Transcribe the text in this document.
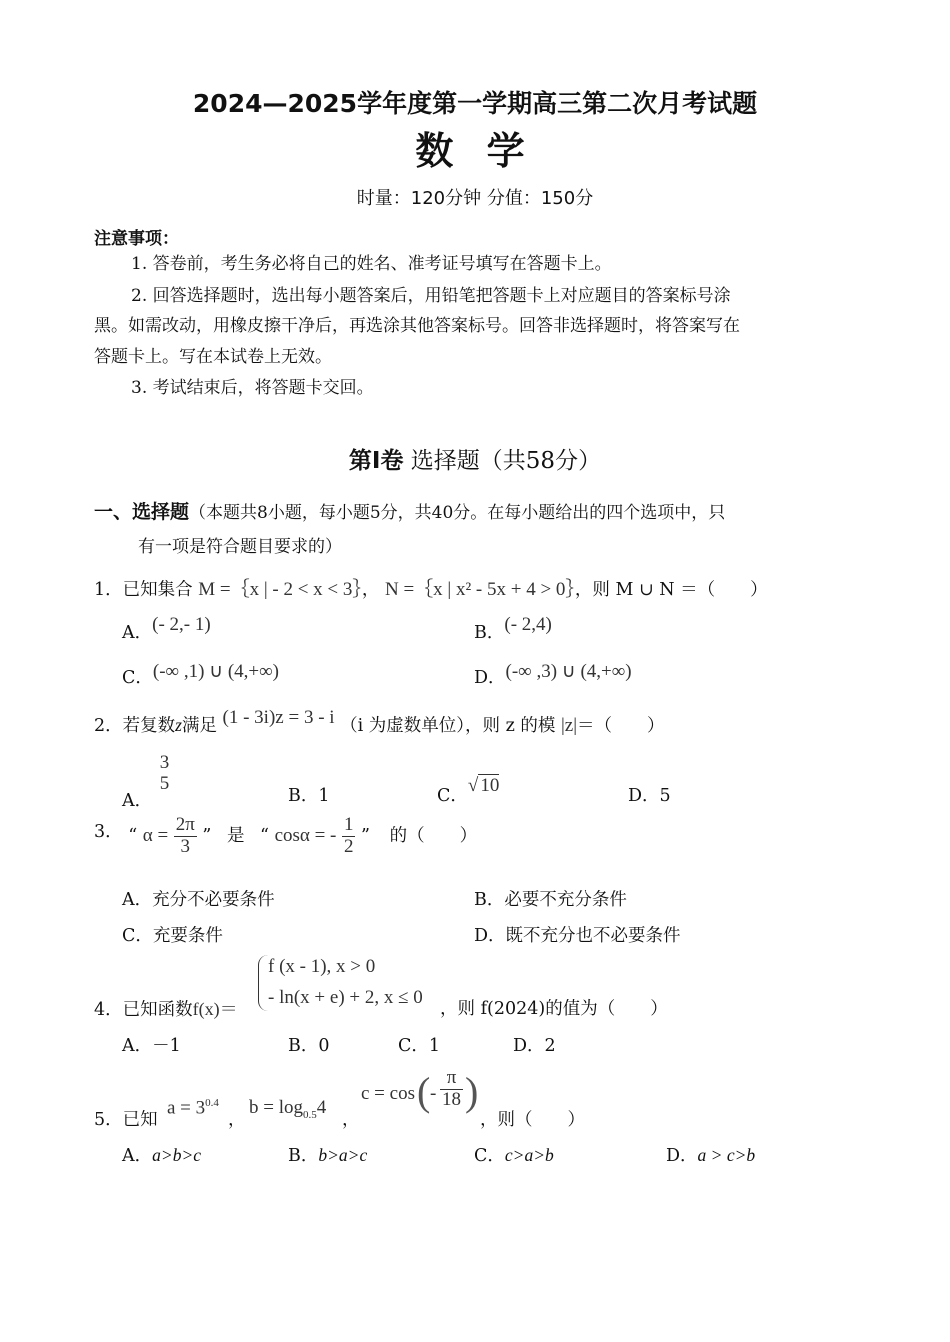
2024—2025学年度第一学期高三第二次月考试题
数 学
时量：120分钟 分值：150分
注意事项：
1. 答卷前，考生务必将自己的姓名、准考证号填写在答题卡上。
2. 回答选择题时，选出每小题答案后，用铅笔把答题卡上对应题目的答案标号涂
黑。如需改动，用橡皮擦干净后，再选涂其他答案标号。回答非选择题时，将答案写在
答题卡上。写在本试卷上无效。
3. 考试结束后，将答题卡交回。
第Ⅰ卷 选择题（共58分）
一、选择题（本题共8小题，每小题5分，共40分。在每小题给出的四个选项中，只
有一项是符合题目要求的）
1．已知集合 M =｛x | - 2 < x < 3｝， N =｛x | x² - 5x + 4 > 0｝，则 M ∪ N ＝（　　）
A．(- 2,- 1)	B．(- 2,4)
C．(-∞ ,1) ∪ (4,+∞)	D．(-∞ ,3) ∪ (4,+∞)
2．若复数z满足 (1 - 3i)z = 3 - i （i 为虚数单位），则 z 的模 |z|＝（　　）
A．
3
5
B．1	C．√ 10	D．5
3． “ $\alpha = \frac{2\pi}{3}$ ” 是 “ cosα = - $\frac{1}{2}$ ” 的（　　）
A．充分不必要条件	B．必要不充分条件
C．充要条件	D．既不充分也不必要条件
4．已知函数f(x)＝
f (x - 1), x > 0
- ln(x + e) + 2, x ≤ 0
，则 f(2024)的值为（　　）
A．－1	B．0	C．1	D．2
5．已知
$a = 3^{0.4}$
，
$b = \log_{0.5}4$
，
c = cos ( - $\frac{\pi}{18}$ )
，则（　　）
A．a>b>c	B．b>a>c	C．c>a>b	D．a > c>b
